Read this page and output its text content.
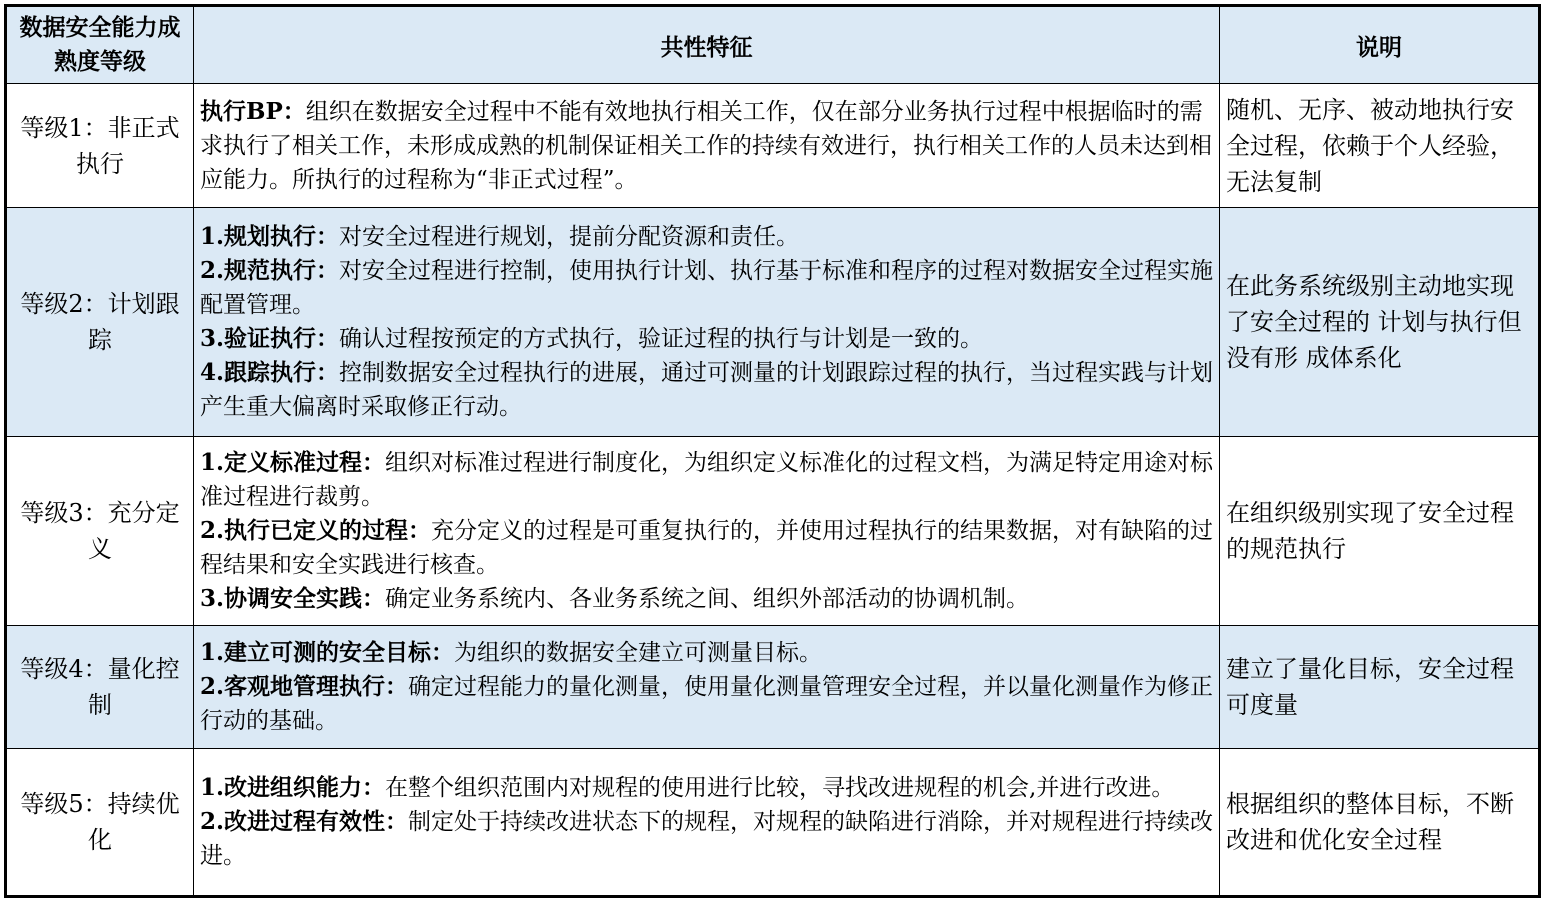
数据安全能力成熟度等级	共性特征	说明
等级1：非正式执行	执行BP：组织在数据安全过程中不能有效地执行相关工作，仅在部分业务执行过程中根据临时的需求执行了相关工作，未形成成熟的机制保证相关工作的持续有效进行，执行相关工作的人员未达到相应能力。所执行的过程称为“非正式过程”。	随机、无序、被动地执行安全过程，依赖于个人经验，无法复制
等级2：计划跟踪	1.规划执行：对安全过程进行规划，提前分配资源和责任。
2.规范执行：对安全过程进行控制，使用执行计划、执行基于标准和程序的过程对数据安全过程实施配置管理。
3.验证执行：确认过程按预定的方式执行，验证过程的执行与计划是一致的。
4.跟踪执行：控制数据安全过程执行的进展，通过可测量的计划跟踪过程的执行，当过程实践与计划产生重大偏离时采取修正行动。	在此务系统级别主动地实现了安全过程的 计划与执行但没有形 成体系化
等级3：充分定义	1.定义标准过程：组织对标准过程进行制度化，为组织定义标准化的过程文档，为满足特定用途对标准过程进行裁剪。
2.执行已定义的过程：充分定义的过程是可重复执行的，并使用过程执行的结果数据，对有缺陷的过程结果和安全实践进行核查。
3.协调安全实践：确定业务系统内、各业务系统之间、组织外部活动的协调机制。	在组织级别实现了安全过程的规范执行
等级4：量化控制	1.建立可测的安全目标：为组织的数据安全建立可测量目标。
2.客观地管理执行：确定过程能力的量化测量，使用量化测量管理安全过程，并以量化测量作为修正行动的基础。	建立了量化目标，安全过程可度量
等级5：持续优化	1.改进组织能力：在整个组织范围内对规程的使用进行比较，寻找改进规程的机会,并进行改进。
2.改进过程有效性：制定处于持续改进状态下的规程，对规程的缺陷进行消除，并对规程进行持续改进。	根据组织的整体目标，不断改进和优化安全过程
